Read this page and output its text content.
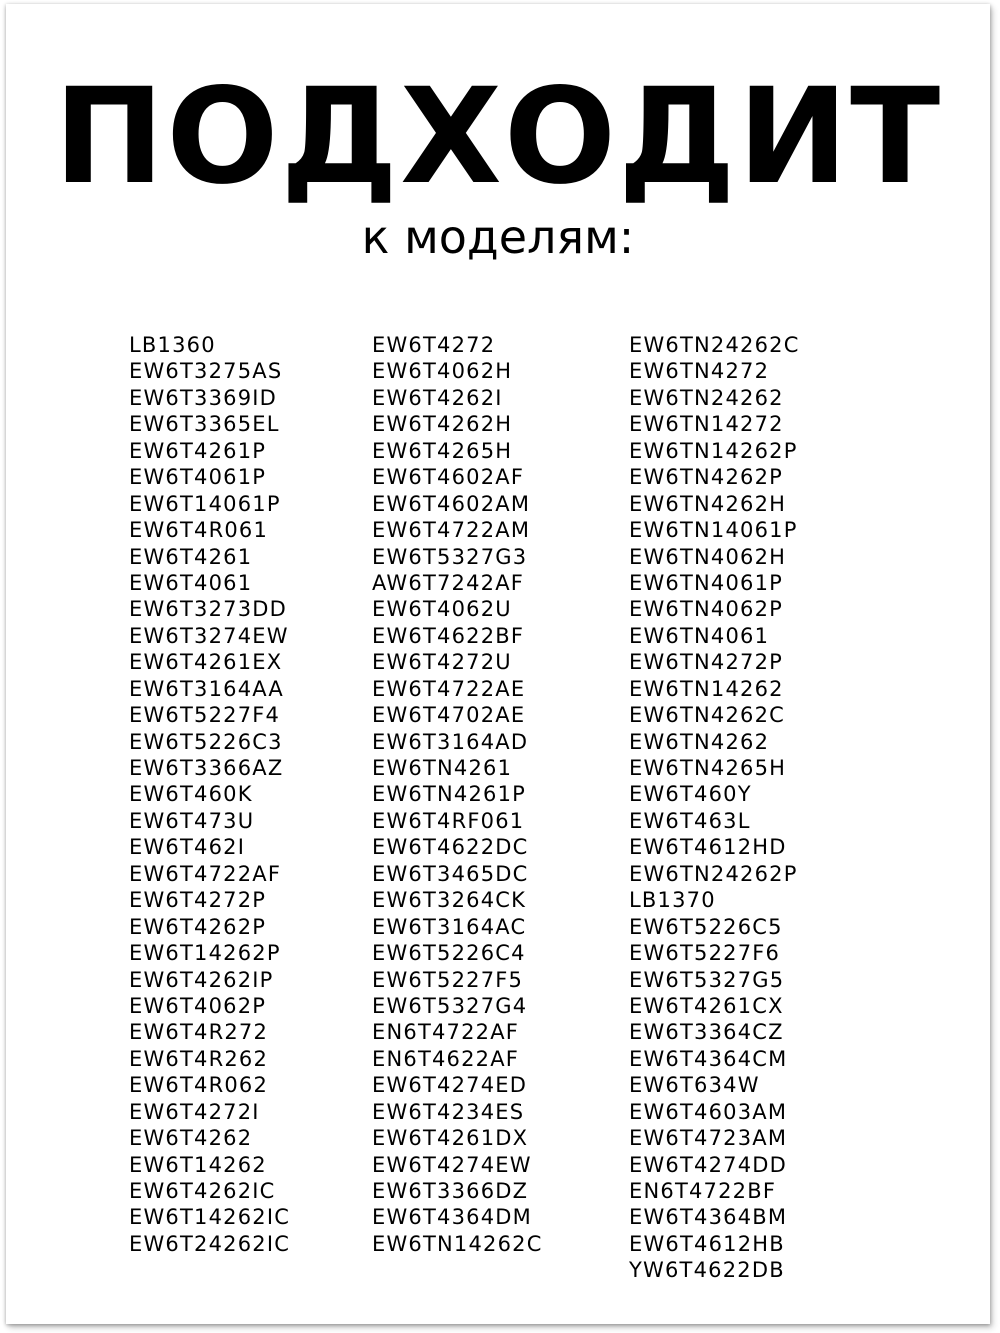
ПОДХОДИТ
к моделям:
LB1360
EW6T3275AS
EW6T3369ID
EW6T3365EL
EW6T4261P
EW6T4061P
EW6T14061P
EW6T4R061
EW6T4261
EW6T4061
EW6T3273DD
EW6T3274EW
EW6T4261EX
EW6T3164AA
EW6T5227F4
EW6T5226C3
EW6T3366AZ
EW6T460K
EW6T473U
EW6T462I
EW6T4722AF
EW6T4272P
EW6T4262P
EW6T14262P
EW6T4262IP
EW6T4062P
EW6T4R272
EW6T4R262
EW6T4R062
EW6T4272I
EW6T4262
EW6T14262
EW6T4262IC
EW6T14262IC
EW6T24262IC
EW6T4272
EW6T4062H
EW6T4262I
EW6T4262H
EW6T4265H
EW6T4602AF
EW6T4602AM
EW6T4722AM
EW6T5327G3
AW6T7242AF
EW6T4062U
EW6T4622BF
EW6T4272U
EW6T4722AE
EW6T4702AE
EW6T3164AD
EW6TN4261
EW6TN4261P
EW6T4RF061
EW6T4622DC
EW6T3465DC
EW6T3264CK
EW6T3164AC
EW6T5226C4
EW6T5227F5
EW6T5327G4
EN6T4722AF
EN6T4622AF
EW6T4274ED
EW6T4234ES
EW6T4261DX
EW6T4274EW
EW6T3366DZ
EW6T4364DM
EW6TN14262C
EW6TN24262C
EW6TN4272
EW6TN24262
EW6TN14272
EW6TN14262P
EW6TN4262P
EW6TN4262H
EW6TN14061P
EW6TN4062H
EW6TN4061P
EW6TN4062P
EW6TN4061
EW6TN4272P
EW6TN14262
EW6TN4262C
EW6TN4262
EW6TN4265H
EW6T460Y
EW6T463L
EW6T4612HD
EW6TN24262P
LB1370
EW6T5226C5
EW6T5227F6
EW6T5327G5
EW6T4261CX
EW6T3364CZ
EW6T4364CM
EW6T634W
EW6T4603AM
EW6T4723AM
EW6T4274DD
EN6T4722BF
EW6T4364BM
EW6T4612HB
YW6T4622DB
